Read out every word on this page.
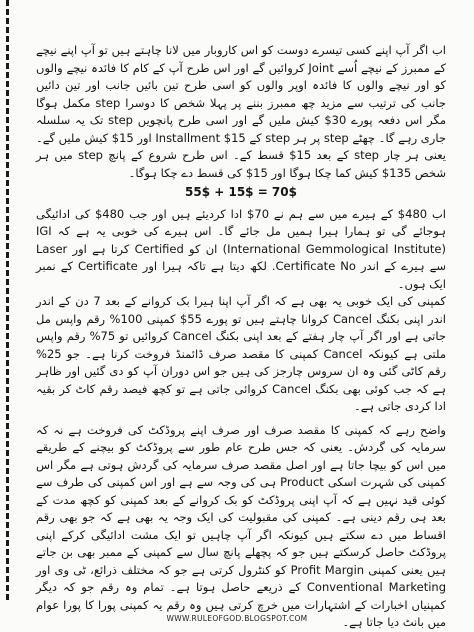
اب اگر آپ اپنے کسی تیسرے دوست کو اس کاروبار میں لانا چاہتے ہیں تو آپ اپنے نیچے کے ممبرز کے نیچے اُسے Joint کروائیں گے اور اس طرح آپ کے کام کا فائدہ نیچے والوں کو اور نیچے والوں کا فائدہ اوپر والوں کو اسی طرح تین بائیں جانب اور تین دائیں جانب کی ترتیب سے مزید چھ ممبرز بننے پر پہلا شخص کا دوسرا step مکمل ہوگا مگر اس دفعہ پورے 30$ کیش ملیں گے اور اسی طرح پانچویں step تک یہ سلسلہ جاری رہے گا۔ چھٹے step پر ہر step کے 15$ Installment اور 15$ کیش ملیں گے۔ یعنی ہر چار step کے بعد 15$ قسط کے۔ اس طرح شروع کے پانچ step میں ہر شخص 135$ کیش کما چکا ہوگا اور 15$ کی قسط دے چکا ہوگا۔

55$ + 15$ = 70$

اب 480$ کے ہیرے میں سے ہم نے 70$ ادا کردیئے ہیں اور جب 480$ کی ادائیگی ہوجائے گی تو ہمارا ہیرا ہمیں مل جائے گا۔ اس ہیرے کی خوبی یہ ہے کہ IGI (International Gemmological Institute) ان کو Certified کرتا ہے اور Laser سے ہیرے کے اندر Certificate No. لکھ دیتا ہے تاکہ ہیرا اور Certificate کے نمبر ایک ہوں۔

کمپنی کی ایک خوبی یہ بھی ہے کہ اگر آپ اپنا ہیرا بک کروانے کے بعد 7 دن کے اندر اندر اپنی بکنگ Cancel کروانا چاہتے ہیں تو پورے 55$ کمپنی 100% رقم واپس مل جاتی ہے اور اگر آپ چار ہفتے کے بعد اپنی بکنگ Cancel کروائیں تو 75% رقم واپس ملتی ہے کیونکہ Cancel کمپنی کا مقصد صرف ڈائمنڈ فروخت کرنا ہے۔ جو 25% رقم کاٹی گئی وہ ان سروس چارجز کی ہیں جو اس دوران آپ کو دی گئیں اور ظاہر ہے کہ جب کوئی بھی بکنگ Cancel کروائی جاتی ہے تو کچھ فیصد رقم کاٹ کر بقیہ ادا کردی جاتی ہے۔

واضح رہے کہ کمپنی کا مقصد صرف اور صرف اپنے پروڈکٹ کی فروخت ہے نہ کہ سرمایہ کی گردش۔ یعنی کہ جس طرح عام طور سے پروڈکٹ کو بیچنے کے طریقے میں اس کو بیچا جاتا ہے اور اصل مقصد صرف سرمایہ کی گردش ہوتی ہے مگر اس کمپنی کی شہرت اسکی Product ہی کی وجہ سے ہے اور اس کمپنی کی طرف سے کوئی قید نہیں ہے کہ آپ اپنی پروڈکٹ کو بک کروانے کے بعد کمپنی کو کچھ مدت کے بعد ہی رقم دینی ہے۔ کمپنی کی مقبولیت کی ایک وجہ یہ بھی ہے کہ جو بھی رقم اقساط میں دے سکتے ہیں کیونکہ اگر آپ چاہیں تو ایک مشت ادائیگی کرکے اپنی پروڈکٹ حاصل کرسکتے ہیں جو کہ پچھلے پانچ سال سے کمپنی کے ممبر بھی بن جاتے ہیں یعنی کمپنی Profit Margin کو کنٹرول کرتی ہے جو کہ مختلف ذرائع، ٹی وی اور Conventional Marketing کے ذریعے حاصل ہوتا ہے۔ تمام وہ رقم جو کہ دیگر کمپنیاں اخبارات کے اشتہارات میں خرچ کرتی ہیں وہ رقم یہ کمپنی پورا کا پورا عوام میں بانٹ دیا جاتا ہے۔

WWW.RULEOFGOD.BLOGSPOT.COM
